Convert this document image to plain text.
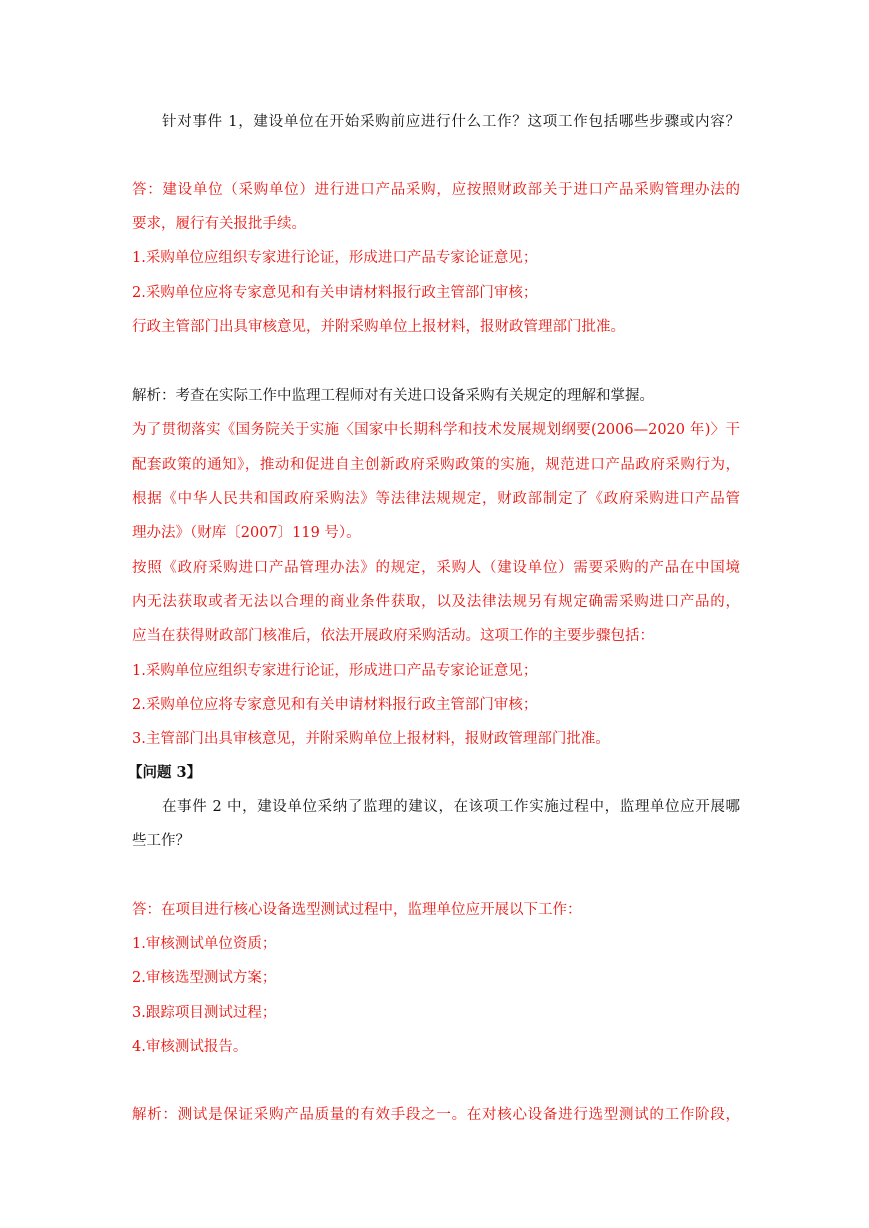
针对事件 1，建设单位在开始采购前应进行什么工作？这项工作包括哪些步骤或内容？
答：建设单位（采购单位）进行进口产品采购，应按照财政部关于进口产品采购管理办法的
要求，履行有关报批手续。
1.采购单位应组织专家进行论证，形成进口产品专家论证意见；
2.采购单位应将专家意见和有关申请材料报行政主管部门审核；
行政主管部门出具审核意见，并附采购单位上报材料，报财政管理部门批准。
解析：考查在实际工作中监理工程师对有关进口设备采购有关规定的理解和掌握。
为了贯彻落实《国务院关于实施〈国家中长期科学和技术发展规划纲要(2006—2020 年)〉干
配套政策的通知》，推动和促进自主创新政府采购政策的实施，规范进口产品政府采购行为，
根据《中华人民共和国政府采购法》等法律法规规定，财政部制定了《政府采购进口产品管
理办法》（财库〔2007〕119 号）。
按照《政府采购进口产品管理办法》的规定，采购人（建设单位）需要采购的产品在中国境
内无法获取或者无法以合理的商业条件获取，以及法律法规另有规定确需采购进口产品的，
应当在获得财政部门核准后，依法开展政府采购活动。这项工作的主要步骤包括：
1.采购单位应组织专家进行论证，形成进口产品专家论证意见；
2.采购单位应将专家意见和有关申请材料报行政主管部门审核；
3.主管部门出具审核意见，并附采购单位上报材料，报财政管理部门批准。
【问题 3】
在事件 2 中，建设单位采纳了监理的建议，在该项工作实施过程中，监理单位应开展哪
些工作？
答：在项目进行核心设备选型测试过程中，监理单位应开展以下工作：
1.审核测试单位资质；
2.审核选型测试方案；
3.跟踪项目测试过程；
4.审核测试报告。
解析：测试是保证采购产品质量的有效手段之一。在对核心设备进行选型测试的工作阶段，
